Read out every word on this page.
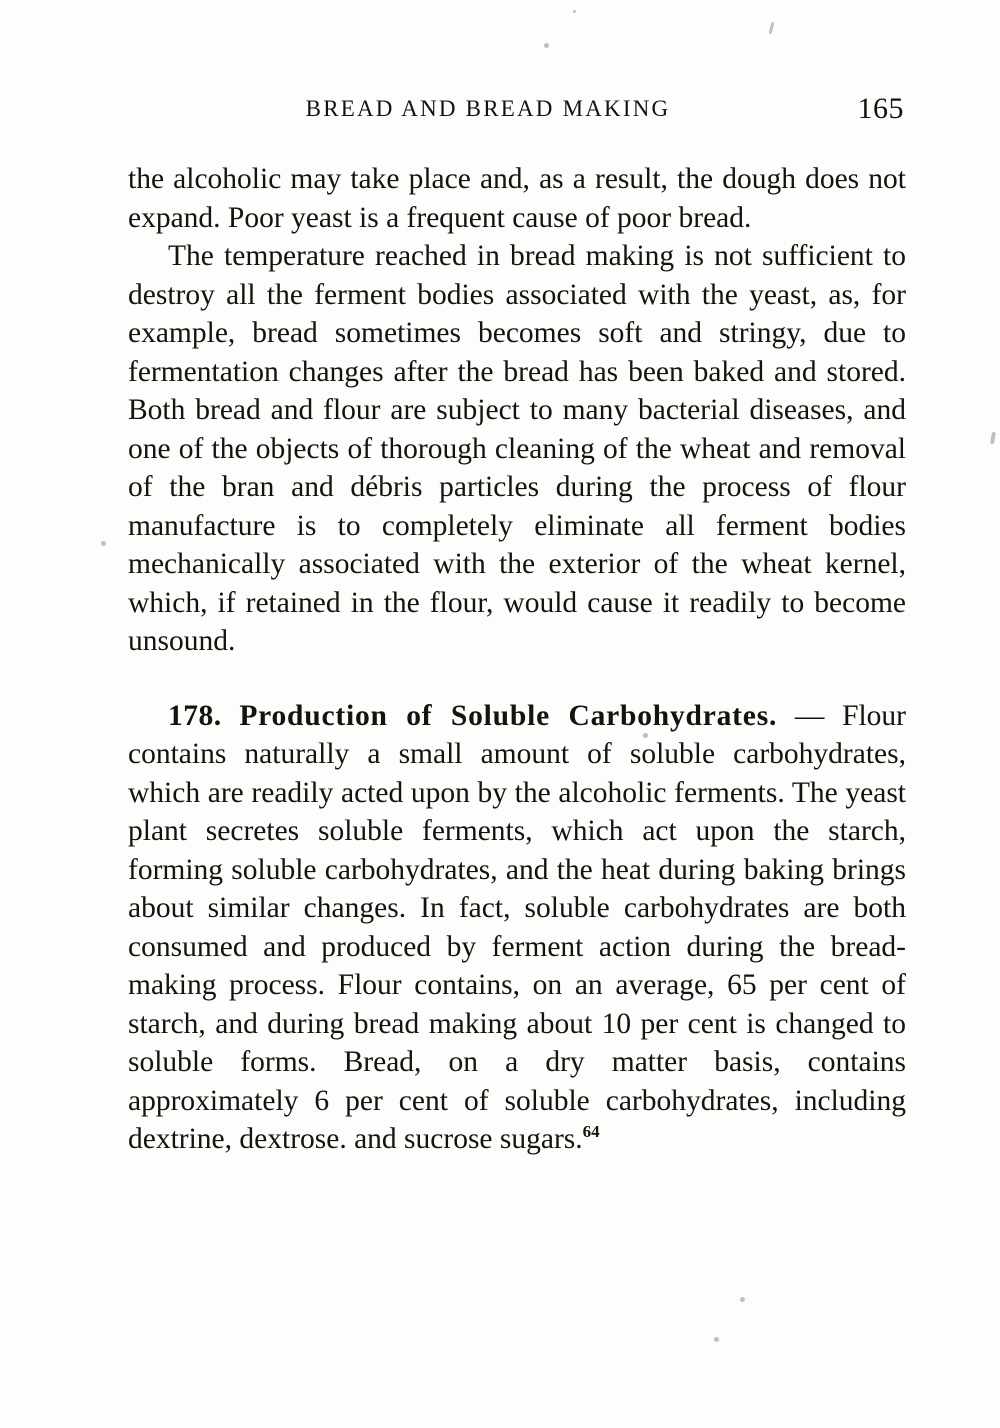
BREAD AND BREAD MAKING	165

the alcoholic may take place and, as a result, the dough does not expand. Poor yeast is a frequent cause of poor bread.

The temperature reached in bread making is not sufficient to destroy all the ferment bodies associated with the yeast, as, for example, bread sometimes becomes soft and stringy, due to fermentation changes after the bread has been baked and stored. Both bread and flour are subject to many bacterial diseases, and one of the objects of thorough cleaning of the wheat and removal of the bran and débris particles during the process of flour manufacture is to completely eliminate all ferment bodies mechanically associated with the exterior of the wheat kernel, which, if retained in the flour, would cause it readily to become unsound.

178. Production of Soluble Carbohydrates. — Flour contains naturally a small amount of soluble carbohydrates, which are readily acted upon by the alcoholic ferments. The yeast plant secretes soluble ferments, which act upon the starch, forming soluble carbohydrates, and the heat during baking brings about similar changes. In fact, soluble carbohydrates are both consumed and produced by ferment action during the bread-making process. Flour contains, on an average, 65 per cent of starch, and during bread making about 10 per cent is changed to soluble forms. Bread, on a dry matter basis, contains approximately 6 per cent of soluble carbohydrates, including dextrine, dextrose. and sucrose sugars.$^{64}$
